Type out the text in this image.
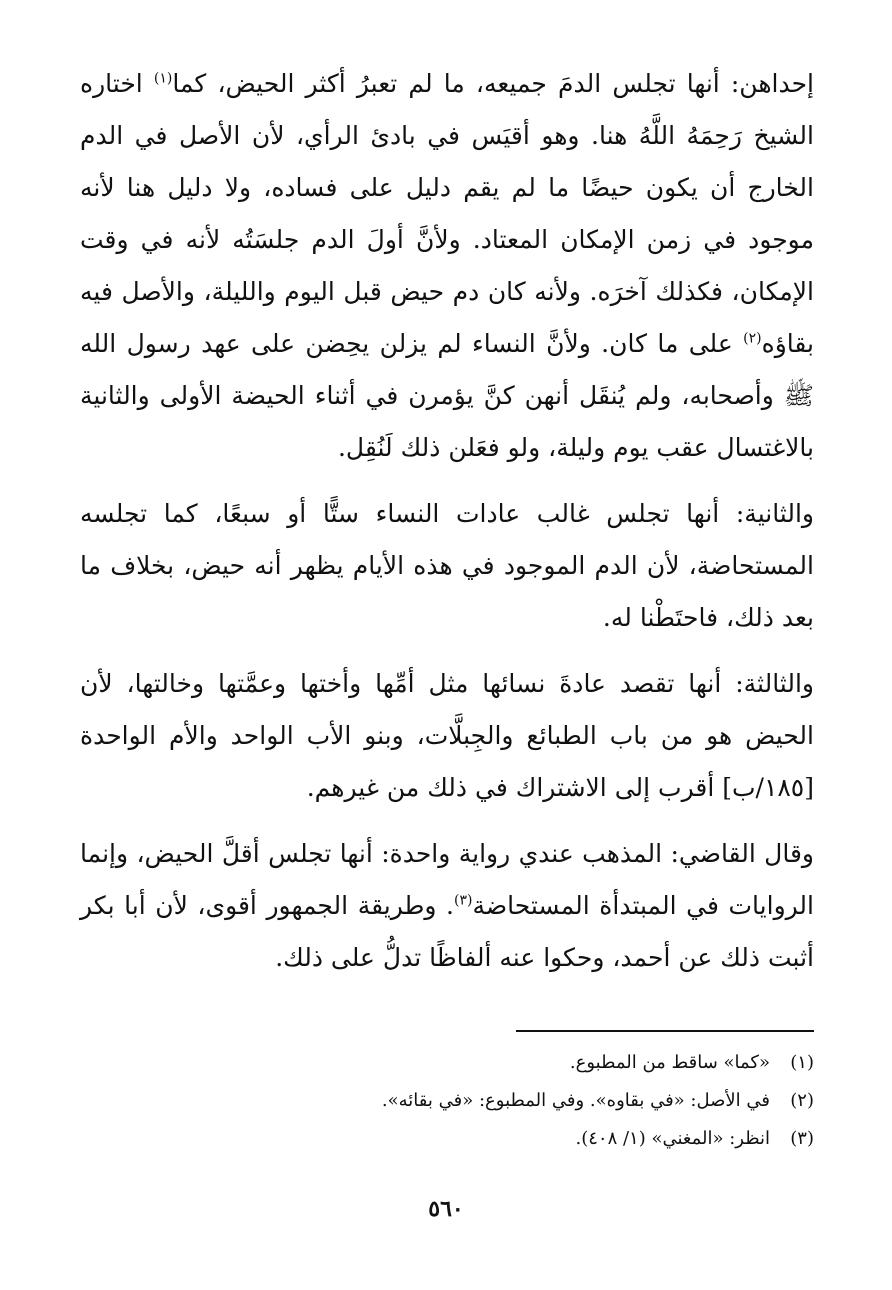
إحداهن: أنها تجلس الدمَ جميعه، ما لم تعبرُ أكثر الحيض، كما$^{(١)}$ اختاره الشيخ رَحِمَهُ اللَّهُ هنا. وهو أقيَس في بادئ الرأي، لأن الأصل في الدم الخارج أن يكون حيضًا ما لم يقم دليل على فساده، ولا دليل هنا لأنه موجود في زمن الإمكان المعتاد. ولأنَّ أولَ الدم جلسَتُه لأنه في وقت الإمكان، فكذلك آخرَه. ولأنه كان دم حيض قبل اليوم والليلة، والأصل فيه بقاؤه$^{(٢)}$ على ما كان. ولأنَّ النساء لم يزلن يحِضن على عهد رسول الله ﷺ وأصحابه، ولم يُنقَل أنهن كنَّ يؤمرن في أثناء الحيضة الأولى والثانية بالاغتسال عقب يوم وليلة، ولو فعَلن ذلك لَنُقِل.

والثانية: أنها تجلس غالب عادات النساء ستًّا أو سبعًا، كما تجلسه المستحاضة، لأن الدم الموجود في هذه الأيام يظهر أنه حيض، بخلاف ما بعد ذلك، فاحتَطْنا له.

والثالثة: أنها تقصد عادةَ نسائها مثل أمِّها وأختها وعمَّتها وخالتها، لأن الحيض هو من باب الطبائع والجِبلَّات، وبنو الأب الواحد والأم الواحدة [١٨٥/ب] أقرب إلى الاشتراك في ذلك من غيرهم.

وقال القاضي: المذهب عندي رواية واحدة: أنها تجلس أقلَّ الحيض، وإنما الروايات في المبتدأة المستحاضة$^{(٣)}$. وطريقة الجمهور أقوى، لأن أبا بكر أثبت ذلك عن أحمد، وحكوا عنه ألفاظًا تدلُّ على ذلك.

(١)«كما» ساقط من المطبوع.

(٢)في الأصل: «في بقاوه». وفي المطبوع: «في بقائه».

(٣)انظر: «المغني» (١/ ٤٠٨).

٥٦٠
